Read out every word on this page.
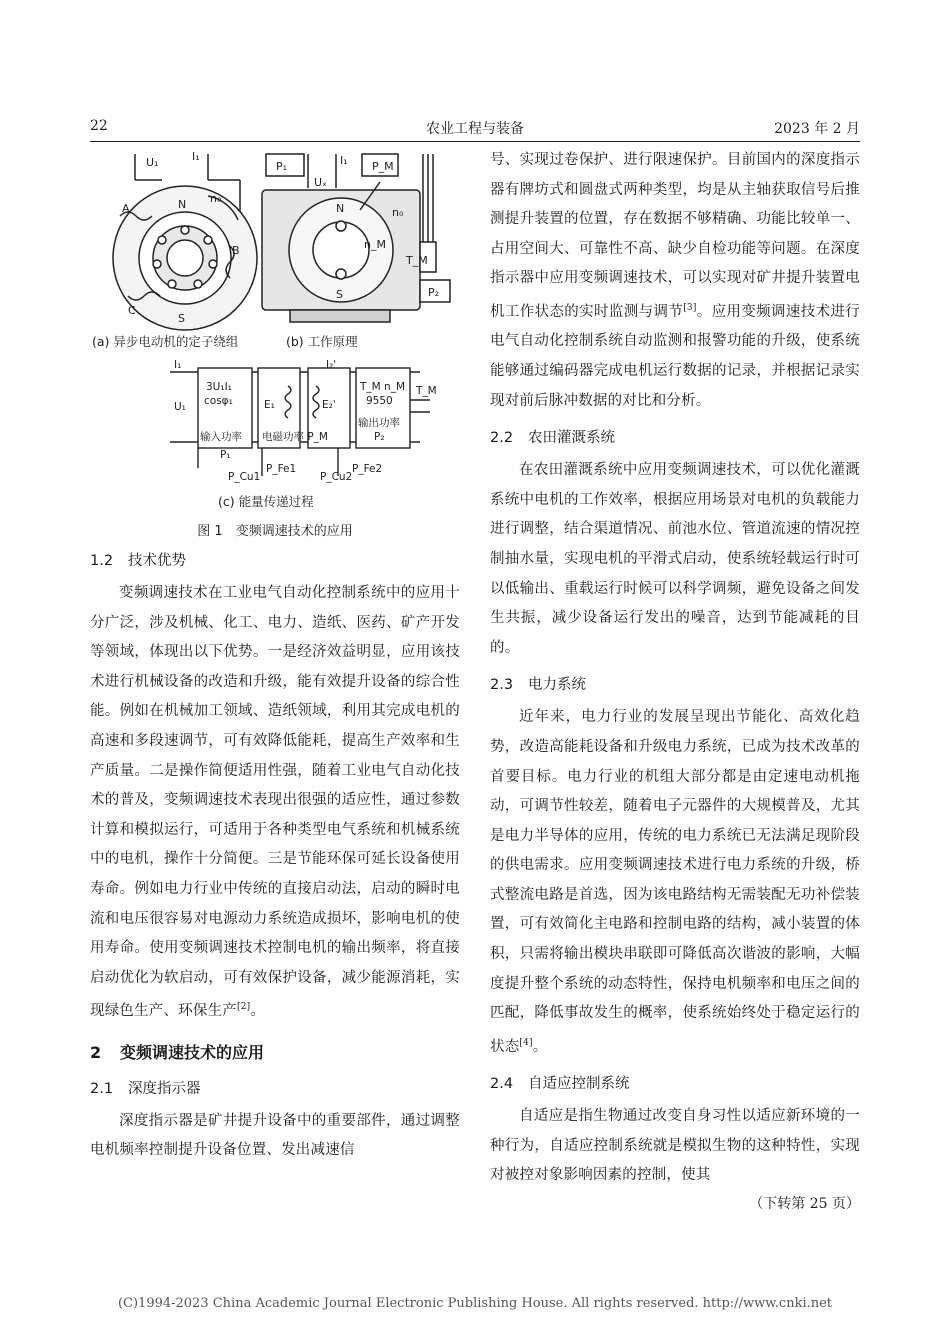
22	农业工程与装备	2023 年 2 月
U₁	I₁
N
S
A
B
C
n₀
(a) 异步电动机的定子绕组
P₁	P_M
Uₓ
I₁
N
S
n₀
n_M
T_M
P₂
(b) 工作原理
I₁
U₁
3U₁I₁
cosφ₁	E₁	E₂'
I₂'
T_M n_M
9550
T_M
输入功率
P₁
电磁功率 P_M
输出功率
P₂
P_Cu1
P_Fe1
P_Cu2
P_Fe2
(c) 能量传递过程
图 1　变频调速技术的应用
1.2 技术优势

变频调速技术在工业电气自动化控制系统中的应用十分广泛，涉及机械、化工、电力、造纸、医药、矿产开发等领域，体现出以下优势。一是经济效益明显，应用该技术进行机械设备的改造和升级，能有效提升设备的综合性能。例如在机械加工领域、造纸领域，利用其完成电机的高速和多段速调节，可有效降低能耗，提高生产效率和生产质量。二是操作简便适用性强，随着工业电气自动化技术的普及，变频调速技术表现出很强的适应性，通过参数计算和模拟运行，可适用于各种类型电气系统和机械系统中的电机，操作十分简便。三是节能环保可延长设备使用寿命。例如电力行业中传统的直接启动法，启动的瞬时电流和电压很容易对电源动力系统造成损坏，影响电机的使用寿命。使用变频调速技术控制电机的输出频率，将直接启动优化为软启动，可有效保护设备，减少能源消耗，实现绿色生产、环保生产[2]。

2 变频调速技术的应用
2.1 深度指示器

深度指示器是矿井提升设备中的重要部件，通过调整电机频率控制提升设备位置、发出减速信

号、实现过卷保护、进行限速保护。目前国内的深度指示器有牌坊式和圆盘式两种类型，均是从主轴获取信号后推测提升装置的位置，存在数据不够精确、功能比较单一、占用空间大、可靠性不高、缺少自检功能等问题。在深度指示器中应用变频调速技术，可以实现对矿井提升装置电机工作状态的实时监测与调节[3]。应用变频调速技术进行电气自动化控制系统自动监测和报警功能的升级，使系统能够通过编码器完成电机运行数据的记录，并根据记录实现对前后脉冲数据的对比和分析。

2.2 农田灌溉系统

在农田灌溉系统中应用变频调速技术，可以优化灌溉系统中电机的工作效率，根据应用场景对电机的负载能力进行调整，结合渠道情况、前池水位、管道流速的情况控制抽水量，实现电机的平滑式启动，使系统轻载运行时可以低输出、重载运行时候可以科学调频，避免设备之间发生共振，减少设备运行发出的噪音，达到节能减耗的目的。

2.3 电力系统

近年来，电力行业的发展呈现出节能化、高效化趋势，改造高能耗设备和升级电力系统，已成为技术改革的首要目标。电力行业的机组大部分都是由定速电动机拖动，可调节性较差，随着电子元器件的大规模普及，尤其是电力半导体的应用，传统的电力系统已无法满足现阶段的供电需求。应用变频调速技术进行电力系统的升级，桥式整流电路是首选，因为该电路结构无需装配无功补偿装置，可有效简化主电路和控制电路的结构，减小装置的体积，只需将输出模块串联即可降低高次谐波的影响，大幅度提升整个系统的动态特性，保持电机频率和电压之间的匹配，降低事故发生的概率，使系统始终处于稳定运行的状态[4]。

2.4 自适应控制系统

自适应是指生物通过改变自身习性以适应新环境的一种行为，自适应控制系统就是模拟生物的这种特性，实现对被控对象影响因素的控制，使其

（下转第 25 页）
(C)1994-2023 China Academic Journal Electronic Publishing House. All rights reserved. http://www.cnki.net
